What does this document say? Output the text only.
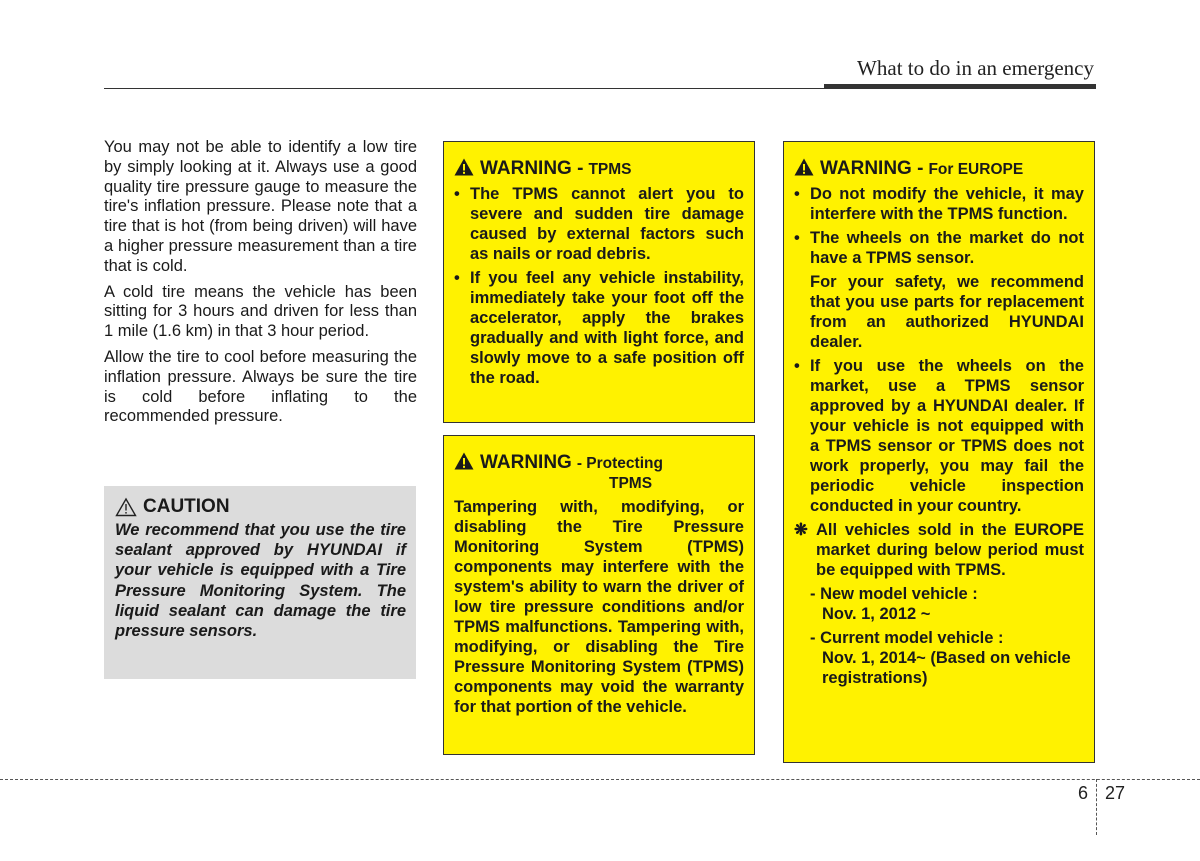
What to do in an emergency

You may not be able to identify a low tire by simply looking at it. Always use a good quality tire pressure gauge to measure the tire's inflation pressure. Please note that a tire that is hot (from being driven) will have a higher pressure measurement than a tire that is cold.

A cold tire means the vehicle has been sitting for 3 hours and driven for less than 1 mile (1.6 km) in that 3 hour period.

Allow the tire to cool before measuring the inflation pressure. Always be sure the tire is cold before inflating to the recommended pressure.

CAUTION
We recommend that you use the tire sealant approved by HYUNDAI if your vehicle is equipped with a Tire Pressure Monitoring System. The liquid sealant can damage the tire pressure sensors.
WARNING - TPMS
• The TPMS cannot alert you to severe and sudden tire damage caused by external factors such as nails or road debris.
• If you feel any vehicle instability, immediately take your foot off the accelerator, apply the brakes gradually and with light force, and slowly move to a safe position off the road.
WARNING - Protecting
TPMS
Tampering with, modifying, or disabling the Tire Pressure Monitoring System (TPMS) components may interfere with the system's ability to warn the driver of low tire pressure conditions and/or TPMS malfunctions. Tampering with, modifying, or disabling the Tire Pressure Monitoring System (TPMS) components may void the warranty for that portion of the vehicle.
WARNING - For EUROPE
• Do not modify the vehicle, it may interfere with the TPMS function.
• The wheels on the market do not have a TPMS sensor.
For your safety, we recommend that you use parts for replacement from an authorized HYUNDAI dealer.
• If you use the wheels on the market, use a TPMS sensor approved by a HYUNDAI dealer. If your vehicle is not equipped with a TPMS sensor or TPMS does not work properly, you may fail the periodic vehicle inspection conducted in your country.
❋ All vehicles sold in the EUROPE market during below period must be equipped with TPMS.
- New model vehicle :
Nov. 1, 2012 ~
- Current model vehicle :
Nov. 1, 2014~ (Based on vehicle registrations)
6 27
